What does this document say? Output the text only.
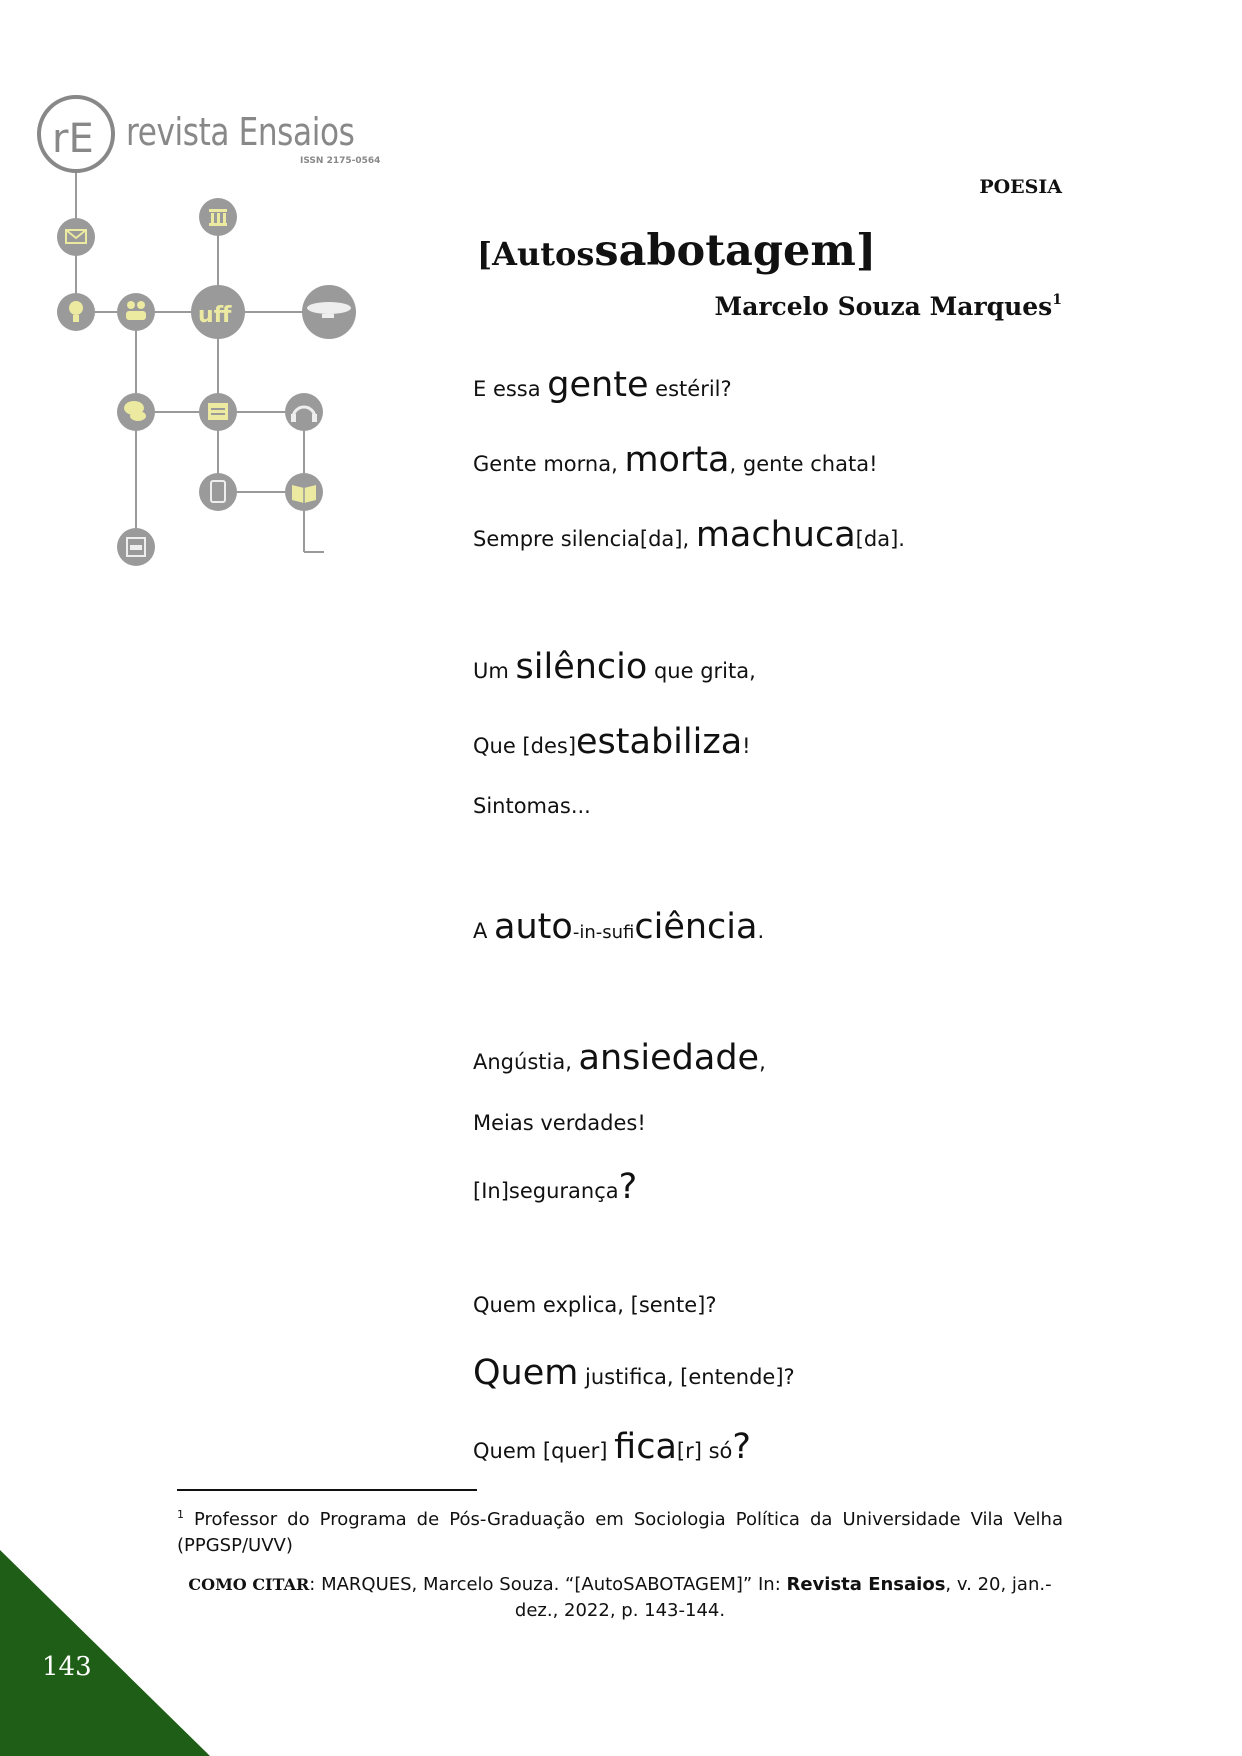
rE
uff
revista Ensaios
ISSN 2175-0564
POESIA
[Autossabotagem]
Marcelo Souza Marques$^1$
E essa gente estéril?
Gente morna, morta, gente chata!
Sempre silencia[da], machuca[da].
Um silêncio que grita,
Que [des]estabiliza!
Sintomas...
A auto-in-suficiência.
Angústia, ansiedade,
Meias verdades!
[In]segurança?
Quem explica, [sente]?
Quem justifica, [entende]?
Quem [quer] fica[r] só?
$^1$ Professor do Programa de Pós-Graduação em Sociologia Política da Universidade Vila Velha (PPGSP/UVV)
COMO CITAR: MARQUES, Marcelo Souza. “[AutoSABOTAGEM]” In: Revista Ensaios, v. 20, jan.-dez., 2022, p. 143-144.
143
